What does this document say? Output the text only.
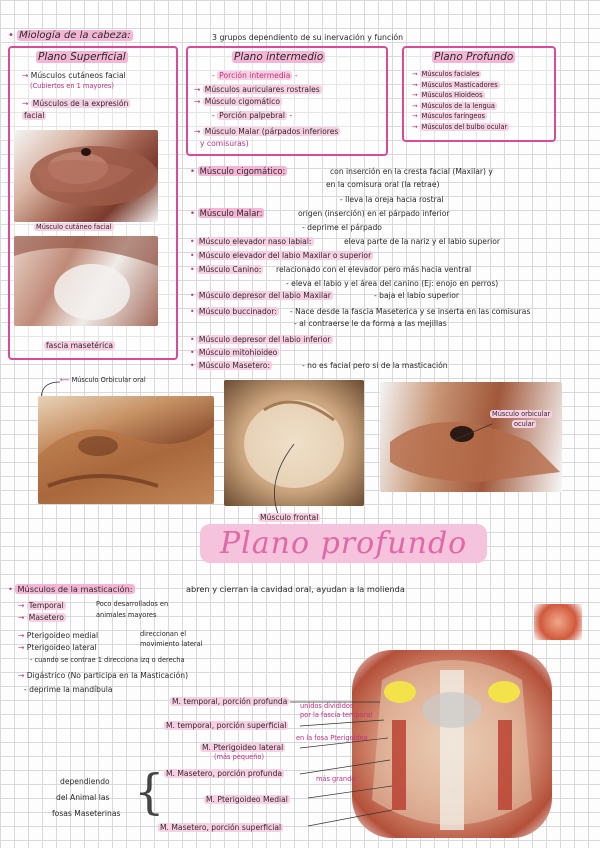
• Miología de la cabeza:	3 grupos dependiento de su inervación y función
Plano Superficial
→ Músculos cutáneos facial
(Cubiertos en 1 mayores)
→ Músculos de la expresión
facial
Músculo cutáneo facial
fascia masetérica
Plano intermedio
- Porción intermedia -
→ Músculos auriculares rostrales
→ Músculo cigomático
- Porción palpebral -
→ Músculo Malar (párpados inferiores
y comisuras)
Plano Profundo
→ Músculos faciales
→ Músculos Masticadores
→ Músculos Hioideos
→ Músculos de la lengua
→ Músculos faríngeos
→ Músculos del bulbo ocular
• Músculo cigomático:	con inserción en la cresta facial (Maxilar) y
en la comisura oral (la retrae)
- lleva la oreja hacia rostral
• Músculo Malar:	origen (inserción) en el párpado inferior
- deprime el párpado
• Músculo elevador naso labial:	eleva parte de la nariz y el labio superior
• Músculo elevador del labio Maxilar o superior
• Músculo Canino: relacionado con el elevador pero más hacia ventral
- eleva el labio y el área del canino (Ej: enojo en perros)
• Músculo depresor del labio Maxilar	- baja el labio superior
• Músculo buccinador: - Nace desde la fascia Maseterica y se inserta en las comisuras
- al contraerse le da forma a las mejillas
• Músculo depresor del labio inferior
• Músculo mitohioideo
• Músculo Masetero:	- no es facial pero si de la masticación
⟵ Músculo Orbicular oral
Músculo frontal
Músculo orbicular
ocular
Plano profundo
• Músculos de la masticación:	abren y cierran la cavidad oral, ayudan a la molienda
→ Temporal
→ Masetero
Poco desarrollados en
animales mayores
→ Pterigoideo medial
→ Pterigoideo lateral
direccionan el
movimiento lateral
- cuando se contrae 1 direcciona izq o derecha
→ Digástrico (No participa en la Masticación)
- deprime la mandíbula
M. temporal, porción profunda
M. temporal, porción superficial
M. Pterigoideo lateral
(más pequeño)
M. Masetero, porción profunda
M. Pterigoideo Medial
M. Masetero, porción superficial
unidos divididos
por la fascia temporal
en la fosa Pterigoidea
más grande
dependiendo
del Animal las
fosas Maseterinas {
